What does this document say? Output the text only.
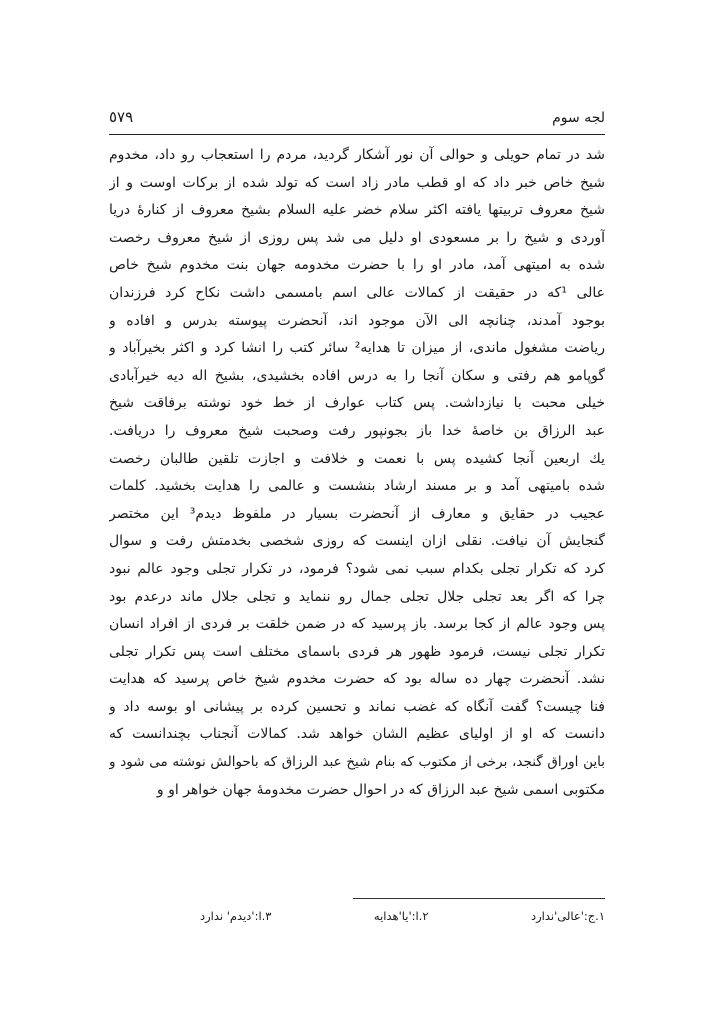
لجه سوم
٥٧٩
شد در تمام حویلی و حوالی آن نور آشکار گردید، مردم را استعجاب رو داد، مخدوم
شیخ خاص خبر داد که او قطب مادر زاد است که تولد شده از برکات اوست و از
شیخ معروف تربیتها یافته اکثر سلام خضر علیه السلام بشیخ معروف از کنارهٔ دریا
آوردی و شیخ را بر مسعودی او دلیل می شد پس روزی از شیخ معروف رخصت
شده به امیتهی آمد، مادر او را با حضرت مخدومه جهان بنت مخدوم شیخ خاص
عالی ¹که در حقیقت از کمالات عالی اسم بامسمی داشت نکاح کرد فرزندان
بوجود آمدند، چنانچه الی الآن موجود اند، آنحضرت پیوسته بدرس و افاده و
ریاضت مشغول ماندی، از میزان تا هدایه² سائر کتب را انشا کرد و اکثر بخیرآباد و
گوپامو هم رفتی و سکان آنجا را به درس افاده بخشیدی، بشیخ اله دیه خیرآبادی
خیلی محبت با نیازداشت. پس کتاب عوارف از خط خود نوشته برفاقت شیخ
عبد الرزاق بن خاصهٔ خدا باز بجونپور رفت وصحبت شیخ معروف را دریافت.
یك اربعین آنجا کشیده پس با نعمت و خلافت و اجازت تلقین طالبان رخصت
شده بامیتهی آمد و بر مسند ارشاد بنشست و عالمی را هدایت بخشید. کلمات
عجیب در حقایق و معارف از آنحضرت بسیار در ملفوظ دیدم³ این مختصر
گنجایش آن نیافت. نقلی ازان اینست که روزی شخصی بخدمتش رفت و سوال
کرد که تکرار تجلی بکدام سبب نمی شود؟ فرمود، در تکرار تجلی وجود عالم نبود
چرا که اگر بعد تجلی جلال تجلی جمال رو ننماید و تجلی جلال ماند درعدم بود
پس وجود عالم از کجا برسد. باز پرسید که در ضمن خلقت بر فردی از افراد انسان
تکرار تجلی نیست، فرمود ظهور هر فردی باسمای مختلف است پس تکرار تجلی
نشد. آنحضرت چهار ده ساله بود که حضرت مخدوم شیخ خاص پرسید که هدایت
فنا چیست؟ گفت آنگاه که غضب نماند و تحسین کرده بر پیشانی او بوسه داد و
دانست که او از اولیای عظیم الشان خواهد شد. کمالات آنجناب بچندانست که
باین اوراق گنجد، برخی از مکتوب که بنام شیخ عبد الرزاق که باحوالش نوشته می شود و
مکتوبی اسمی شیخ عبد الرزاق که در احوال حضرت مخدومهٔ جهان خواهر او و
١.ج:'عالی'ندارد
٢.ا:'یا'هدایه
٣.ا:'دیدم' ندارد
